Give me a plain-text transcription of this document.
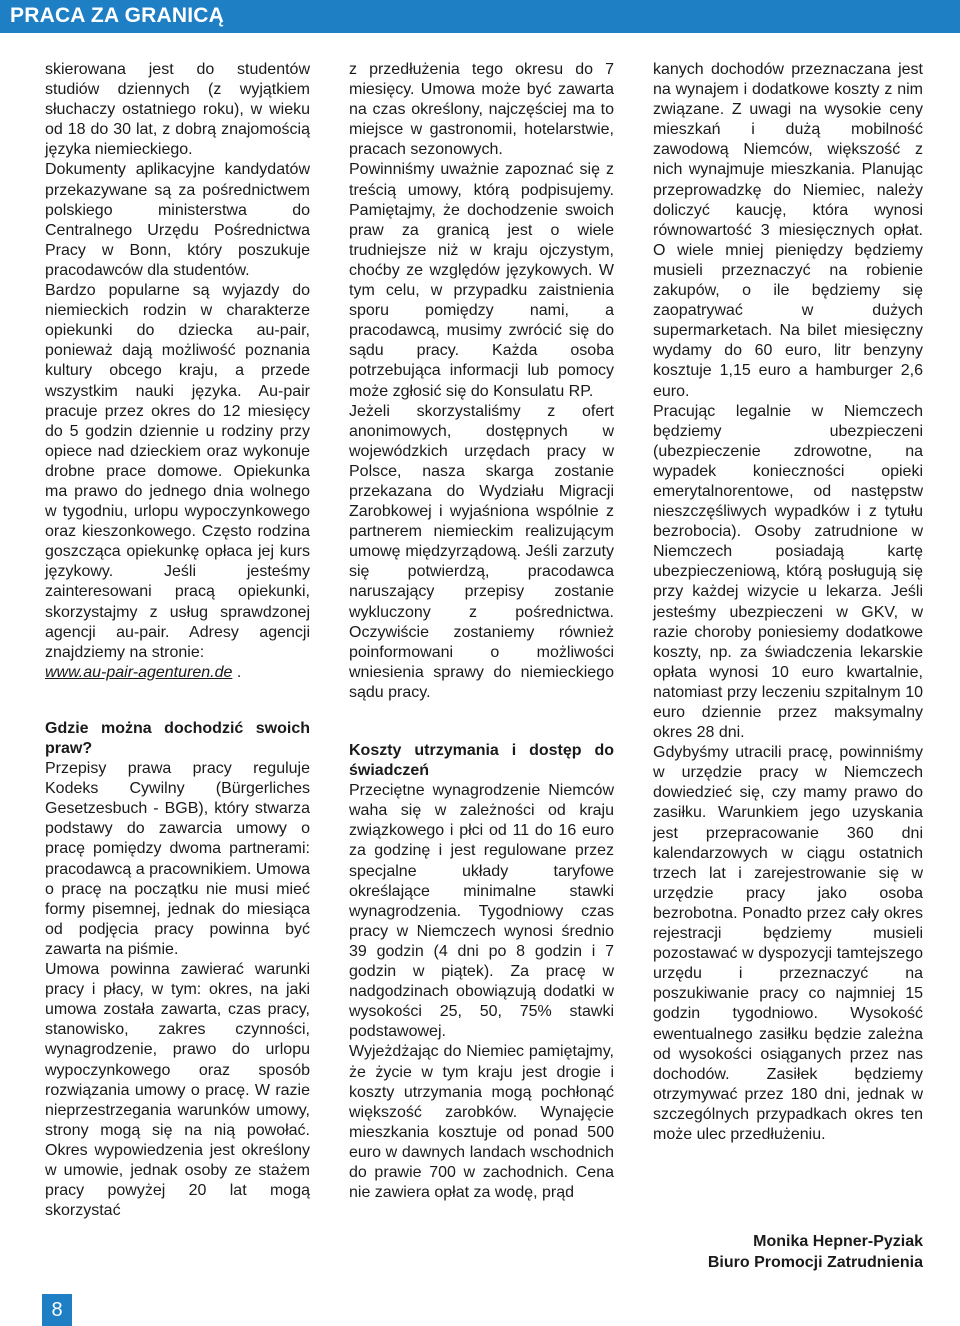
PRACA ZA GRANICĄ

skierowana jest do studentów studiów dziennych (z wyjątkiem słuchaczy ostatniego roku), w wieku od 18 do 30 lat, z dobrą znajomością języka niemieckiego.

Dokumenty aplikacyjne kandydatów przekazywane są za pośrednictwem polskiego ministerstwa do Centralnego Urzędu Pośrednictwa Pracy w Bonn, który poszukuje pracodawców dla studentów.

Bardzo popularne są wyjazdy do niemieckich rodzin w charakterze opiekunki do dziecka au-pair, ponieważ dają możliwość poznania kultury obcego kraju, a przede wszystkim nauki języka. Au-pair pracuje przez okres do 12 miesięcy do 5 godzin dziennie u rodziny przy opiece nad dzieckiem oraz wykonuje drobne prace domowe. Opiekunka ma prawo do jednego dnia wolnego w tygodniu, urlopu wypoczynkowego oraz kieszonkowego. Często rodzina goszcząca opiekunkę opłaca jej kurs językowy. Jeśli jesteśmy zainteresowani pracą opiekunki, skorzystajmy z usług sprawdzonej agencji au-pair. Adresy agencji znajdziemy na stronie:

www.au-pair-agenturen.de .

Gdzie można dochodzić swoich praw?

Przepisy prawa pracy reguluje Kodeks Cywilny (Bürgerliches Gesetzesbuch - BGB), który stwarza podstawy do zawarcia umowy o pracę pomiędzy dwoma partnerami: pracodawcą a pracownikiem. Umowa o pracę na początku nie musi mieć formy pisemnej, jednak do miesiąca od podjęcia pracy powinna być zawarta na piśmie.

Umowa powinna zawierać warunki pracy i płacy, w tym: okres, na jaki umowa została zawarta, czas pracy, stanowisko, zakres czynności, wynagrodzenie, prawo do urlopu wypoczynkowego oraz sposób rozwiązania umowy o pracę. W razie nieprzestrzegania warunków umowy, strony mogą się na nią powołać. Okres wypowiedzenia jest określony w umowie, jednak osoby ze stażem pracy powyżej 20 lat mogą skorzystać

z przedłużenia tego okresu do 7 miesięcy. Umowa może być zawarta na czas określony, najczęściej ma to miejsce w gastronomii, hotelarstwie, pracach sezonowych.

Powinniśmy uważnie zapoznać się z treścią umowy, którą podpisujemy. Pamiętajmy, że dochodzenie swoich praw za granicą jest o wiele trudniejsze niż w kraju ojczystym, choćby ze względów językowych. W tym celu, w przypadku zaistnienia sporu pomiędzy nami, a pracodawcą, musimy zwrócić się do sądu pracy. Każda osoba potrzebująca informacji lub pomocy może zgłosić się do Konsulatu RP.

Jeżeli skorzystaliśmy z ofert anonimowych, dostępnych w wojewódzkich urzędach pracy w Polsce, nasza skarga zostanie przekazana do Wydziału Migracji Zarobkowej i wyjaśniona wspólnie z partnerem niemieckim realizującym umowę międzyrządową. Jeśli zarzuty się potwierdzą, pracodawca naruszający przepisy zostanie wykluczony z pośrednictwa. Oczywiście zostaniemy również poinformowani o możliwości wniesienia sprawy do niemieckiego sądu pracy.

Koszty utrzymania i dostęp do świadczeń

Przeciętne wynagrodzenie Niemców waha się w zależności od kraju związkowego i płci od 11 do 16 euro za godzinę i jest regulowane przez specjalne układy taryfowe określające minimalne stawki wynagrodzenia. Tygodniowy czas pracy w Niemczech wynosi średnio 39 godzin (4 dni po 8 godzin i 7 godzin w piątek). Za pracę w nadgodzinach obowiązują dodatki w wysokości 25, 50, 75% stawki podstawowej.

Wyjeżdżając do Niemiec pamiętajmy, że życie w tym kraju jest drogie i koszty utrzymania mogą pochłonąć większość zarobków. Wynajęcie mieszkania kosztuje od ponad 500 euro w dawnych landach wschodnich do prawie 700 w zachodnich. Cena nie zawiera opłat za wodę, prąd

kanych dochodów przeznaczana jest na wynajem i dodatkowe koszty z nim związane. Z uwagi na wysokie ceny mieszkań i dużą mobilność zawodową Niemców, większość z nich wynajmuje mieszkania. Planując przeprowadzkę do Niemiec, należy doliczyć kaucję, która wynosi równowartość 3 miesięcznych opłat. O wiele mniej pieniędzy będziemy musieli przeznaczyć na robienie zakupów, o ile będziemy się zaopatrywać w dużych supermarketach. Na bilet miesięczny wydamy do 60 euro, litr benzyny kosztuje 1,15 euro a hamburger 2,6 euro.

Pracując legalnie w Niemczech będziemy ubezpieczeni (ubezpieczenie zdrowotne, na wypadek konieczności opieki emerytalnorentowe, od następstw nieszczęśliwych wypadków i z tytułu bezrobocia). Osoby zatrudnione w Niemczech posiadają kartę ubezpieczeniową, którą posługują się przy każdej wizycie u lekarza. Jeśli jesteśmy ubezpieczeni w GKV, w razie choroby poniesiemy dodatkowe koszty, np. za świadczenia lekarskie opłata wynosi 10 euro kwartalnie, natomiast przy leczeniu szpitalnym 10 euro dziennie przez maksymalny okres 28 dni.

Gdybyśmy utracili pracę, powinniśmy w urzędzie pracy w Niemczech dowiedzieć się, czy mamy prawo do zasiłku. Warunkiem jego uzyskania jest przepracowanie 360 dni kalendarzowych w ciągu ostatnich trzech lat i zarejestrowanie się w urzędzie pracy jako osoba bezrobotna. Ponadto przez cały okres rejestracji będziemy musieli pozostawać w dyspozycji tamtejszego urzędu i przeznaczyć na poszukiwanie pracy co najmniej 15 godzin tygodniowo. Wysokość ewentualnego zasiłku będzie zależna od wysokości osiąganych przez nas dochodów. Zasiłek będziemy otrzymywać przez 180 dni, jednak w szczególnych przypadkach okres ten może ulec przedłużeniu.

Monika Hepner-Pyziak
Biuro Promocji Zatrudnienia
8
